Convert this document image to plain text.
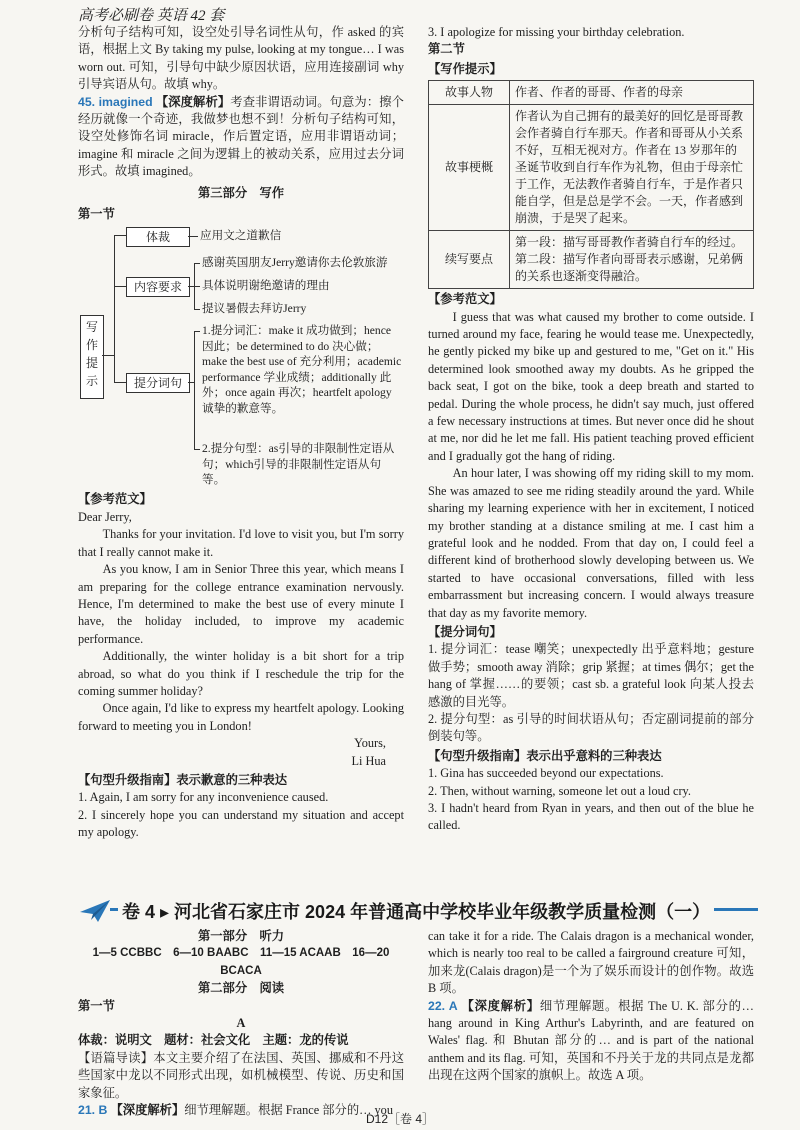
高考必刷卷 英语 42 套

分析句子结构可知，设空处引导名词性从句，作 asked 的宾语，根据上文 By taking my pulse, looking at my tongue… I was worn out. 可知，引导句中缺少原因状语，应用连接副词 why 引导宾语从句。故填 why。

45. imagined 【深度解析】考查非谓语动词。句意为：擦个经历就像一个奇迹，我做梦也想不到！分析句子结构可知，设空处修饰名词 miracle，作后置定语，应用非谓语动词；imagine 和 miracle 之间为逻辑上的被动关系，应用过去分词形式。故填 imagined。

第三部分　写作
第一节
写作提示
体裁	应用文之道歉信
内容要求
感谢英国朋友Jerry邀请你去伦敦旅游
具体说明谢绝邀请的理由
提议暑假去拜访Jerry
提分词句
1.提分词汇：make it 成功做到；hence 因此；be determined to do 决心做；make the best use of 充分利用；academic performance 学业成绩；additionally 此外；once again 再次；heartfelt apology 诚挚的歉意等。
2.提分句型：as引导的非限制性定语从句；which引导的非限制性定语从句等。
【参考范文】

Dear Jerry,

Thanks for your invitation. I'd love to visit you, but I'm sorry that I really cannot make it.

As you know, I am in Senior Three this year, which means I am preparing for the college entrance examination nervously. Hence, I'm determined to make the best use of every minute I have, the holiday included, to improve my academic performance.

Additionally, the winter holiday is a bit short for a trip abroad, so what do you think if I reschedule the trip for the coming summer holiday?

Once again, I'd like to express my heartfelt apology. Looking forward to meeting you in London!

Yours,

Li Hua

【句型升级指南】表示歉意的三种表达

1. Again, I am sorry for any inconvenience caused.

2. I sincerely hope you can understand my situation and accept my apology.

3. I apologize for missing your birthday celebration.

第二节
【写作提示】
故事人物	作者、作者的哥哥、作者的母亲
故事梗概	作者认为自己拥有的最美好的回忆是哥哥教会作者骑自行车那天。作者和哥哥从小关系不好，互相无视对方。作者在 13 岁那年的圣诞节收到自行车作为礼物，但由于母亲忙于工作，无法教作者骑自行车，于是作者只能自学，但是总是学不会。一天，作者感到崩溃，于是哭了起来。
续写要点	第一段：描写哥哥教作者骑自行车的经过。第二段：描写作者向哥哥表示感谢，兄弟俩的关系也逐渐变得融洽。
【参考范文】

I guess that was what caused my brother to come outside. I turned around my face, fearing he would tease me. Unexpectedly, he gently picked my bike up and gestured to me, "Get on it." His determined look smoothed away my doubts. As he gripped the back seat, I got on the bike, took a deep breath and started to pedal. During the whole process, he didn't say much, just offered a few necessary instructions at times. But never once did he shout at me, nor did he let me fall. His patient teaching proved efficient and I gradually got the hang of riding.

An hour later, I was showing off my riding skill to my mom. She was amazed to see me riding steadily around the yard. While sharing my learning experience with her in excitement, I noticed my brother standing at a distance smiling at me. I cast him a grateful look and he nodded. From that day on, I could feel a different kind of brotherhood slowly developing between us. We started to have occasional conversations, filled with less embarrassment but increasing concern. I would always treasure that day as my favorite memory.

【提分词句】

1. 提分词汇：tease 嘲笑；unexpectedly 出乎意料地；gesture 做手势；smooth away 消除；grip 紧握；at times 偶尔；get the hang of 掌握……的要领；cast sb. a grateful look 向某人投去感激的目光等。

2. 提分句型：as 引导的时间状语从句；否定副词提前的部分倒装句等。

【句型升级指南】表示出乎意料的三种表达

1. Gina has succeeded beyond our expectations.

2. Then, without warning, someone let out a loud cry.

3. I hadn't heard from Ryan in years, and then out of the blue he called.

卷 4 ▸ 河北省石家庄市 2024 年普通高中学校毕业年级教学质量检测（一）
第一部分　听力

1—5 CCBBC　6—10 BAABC　11—15 ACAAB　16—20 BCACA

第二部分　阅读
第一节
A

体裁：说明文　题材：社会文化　主题：龙的传说

【语篇导读】本文主要介绍了在法国、英国、挪威和不丹这些国家中龙以不同形式出现，如机械模型、传说、历史和国家象征。

21. B 【深度解析】细节理解题。根据 France 部分的… you

can take it for a ride. The Calais dragon is a mechanical wonder, which is nearly too real to be called a fairground creature 可知，加来龙(Calais dragon)是一个为了娱乐而设计的创作物。故选 B 项。

22. A 【深度解析】细节理解题。根据 The U. K. 部分的… hang around in King Arthur's Labyrinth, and are featured on Wales' flag. 和 Bhutan 部分的… and is part of the national anthem and its flag. 可知，英国和不丹关于龙的共同点是龙都出现在这两个国家的旗帜上。故选 A 项。

D12［卷 4］
